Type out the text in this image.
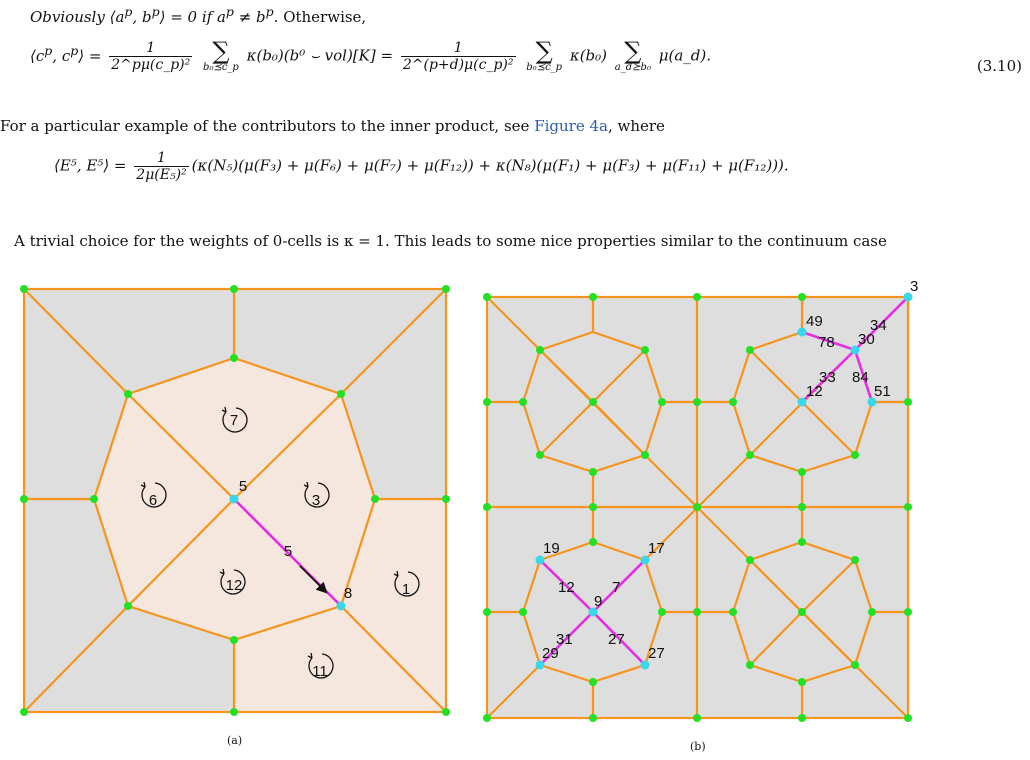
Obviously $⟨a^p$, $b^p⟩ = 0$ if $a^p \ne b^p$. Otherwise,
$⟨c^p$, $c^p⟩ = \frac{1}{\text{2\textasciicircum{}pμ(c\_p)²}}$
∑
b₀⪯c_p
κ(b₀)(b⁰ ⌣ $vol)[K] = \frac{1}{\text{2\textasciicircum{}(p+d)μ(c\_p)²}}$
∑
b₀⪯c_p
κ(b₀) ∑
a_d⪰b₀
μ(a_d).
(3.10)
For a particular example of the contributors to the inner product, see Figure 4a, where
⟨E⁵, E⁵⟩ = $\frac{1}{\text{2μ(E₅)²}} (\kappa(N_5)(\mu(F_3) + \mu(F_6) + \mu(F_7) + \mu(F_{12})) + \kappa(N_8)(\mu(F_1) + \mu(F_3) + \mu(F_{11}) + \mu(F_{12})))$.
A trivial choice for the weights of 0-cells is κ = 1. This leads to some nice properties similar to the continuum case
7
6	3
12	1
11
5
8
5
(a)
3
49	34
78 30
33 84
12	51
19	17
12 7
9
31 27
29	27
(b)
